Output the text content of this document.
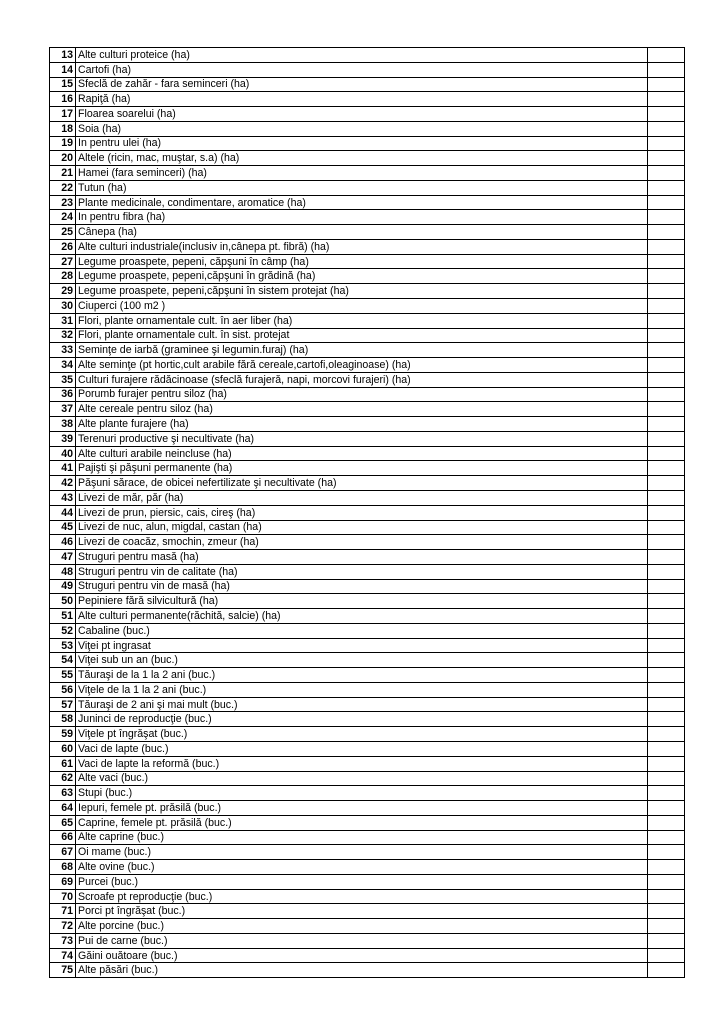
13	Alte culturi proteice (ha)	
14	Cartofi (ha)	
15	Sfeclă de zahăr - fara seminceri (ha)	
16	Rapiţă (ha)	
17	Floarea soarelui (ha)	
18	Soia (ha)	
19	In pentru ulei (ha)	
20	Altele (ricin, mac, muştar, s.a) (ha)	
21	Hamei (fara seminceri) (ha)	
22	Tutun (ha)	
23	Plante medicinale, condimentare, aromatice (ha)	
24	In pentru fibra (ha)	
25	Cânepa (ha)	
26	Alte culturi industriale(inclusiv in,cânepa pt. fibră) (ha)	
27	Legume proaspete, pepeni, căpşuni în câmp (ha)	
28	Legume proaspete, pepeni,căpşuni în grădină (ha)	
29	Legume proaspete, pepeni,căpşuni în sistem protejat (ha)	
30	Ciuperci (100 m2 )	
31	Flori, plante ornamentale cult. în aer liber (ha)	
32	Flori, plante ornamentale cult. în sist. protejat	
33	Seminţe de iarbă (graminee şi legumin.furaj) (ha)	
34	Alte seminţe (pt hortic,cult arabile fără cereale,cartofi,oleaginoase) (ha)	
35	Culturi furajere rădăcinoase (sfeclă furajeră, napi, morcovi furajeri) (ha)	
36	Porumb furajer pentru siloz (ha)	
37	Alte cereale pentru siloz (ha)	
38	Alte plante furajere (ha)	
39	Terenuri productive şi necultivate (ha)	
40	Alte culturi arabile neincluse (ha)	
41	Pajişti şi păşuni permanente (ha)	
42	Păşuni sărace, de obicei nefertilizate şi necultivate (ha)	
43	Livezi de măr, păr (ha)	
44	Livezi de prun, piersic, cais, cireş (ha)	
45	Livezi de nuc, alun, migdal, castan (ha)	
46	Livezi de coacăz, smochin, zmeur (ha)	
47	Struguri pentru masă (ha)	
48	Struguri pentru vin de calitate (ha)	
49	Struguri pentru vin de masă (ha)	
50	Pepiniere fără silvicultură (ha)	
51	Alte culturi permanente(răchită, salcie) (ha)	
52	Cabaline (buc.)	
53	Viţei pt ingrasat	
54	Viţei sub un an (buc.)	
55	Tăuraşi de la 1 la 2 ani (buc.)	
56	Viţele de la 1 la 2 ani (buc.)	
57	Tăuraşi de 2 ani şi mai mult (buc.)	
58	Juninci de reproducţie (buc.)	
59	Viţele pt îngrăşat (buc.)	
60	Vaci de lapte (buc.)	
61	Vaci de lapte la reformă (buc.)	
62	Alte vaci (buc.)	
63	Stupi (buc.)	
64	Iepuri, femele pt. prăsilă (buc.)	
65	Caprine, femele pt. prăsilă (buc.)	
66	Alte caprine (buc.)	
67	Oi mame (buc.)	
68	Alte ovine (buc.)	
69	Purcei (buc.)	
70	Scroafe pt reproducţie (buc.)	
71	Porci pt îngrăşat (buc.)	
72	Alte porcine (buc.)	
73	Pui de carne (buc.)	
74	Găini ouătoare (buc.)	
75	Alte păsări (buc.)	
